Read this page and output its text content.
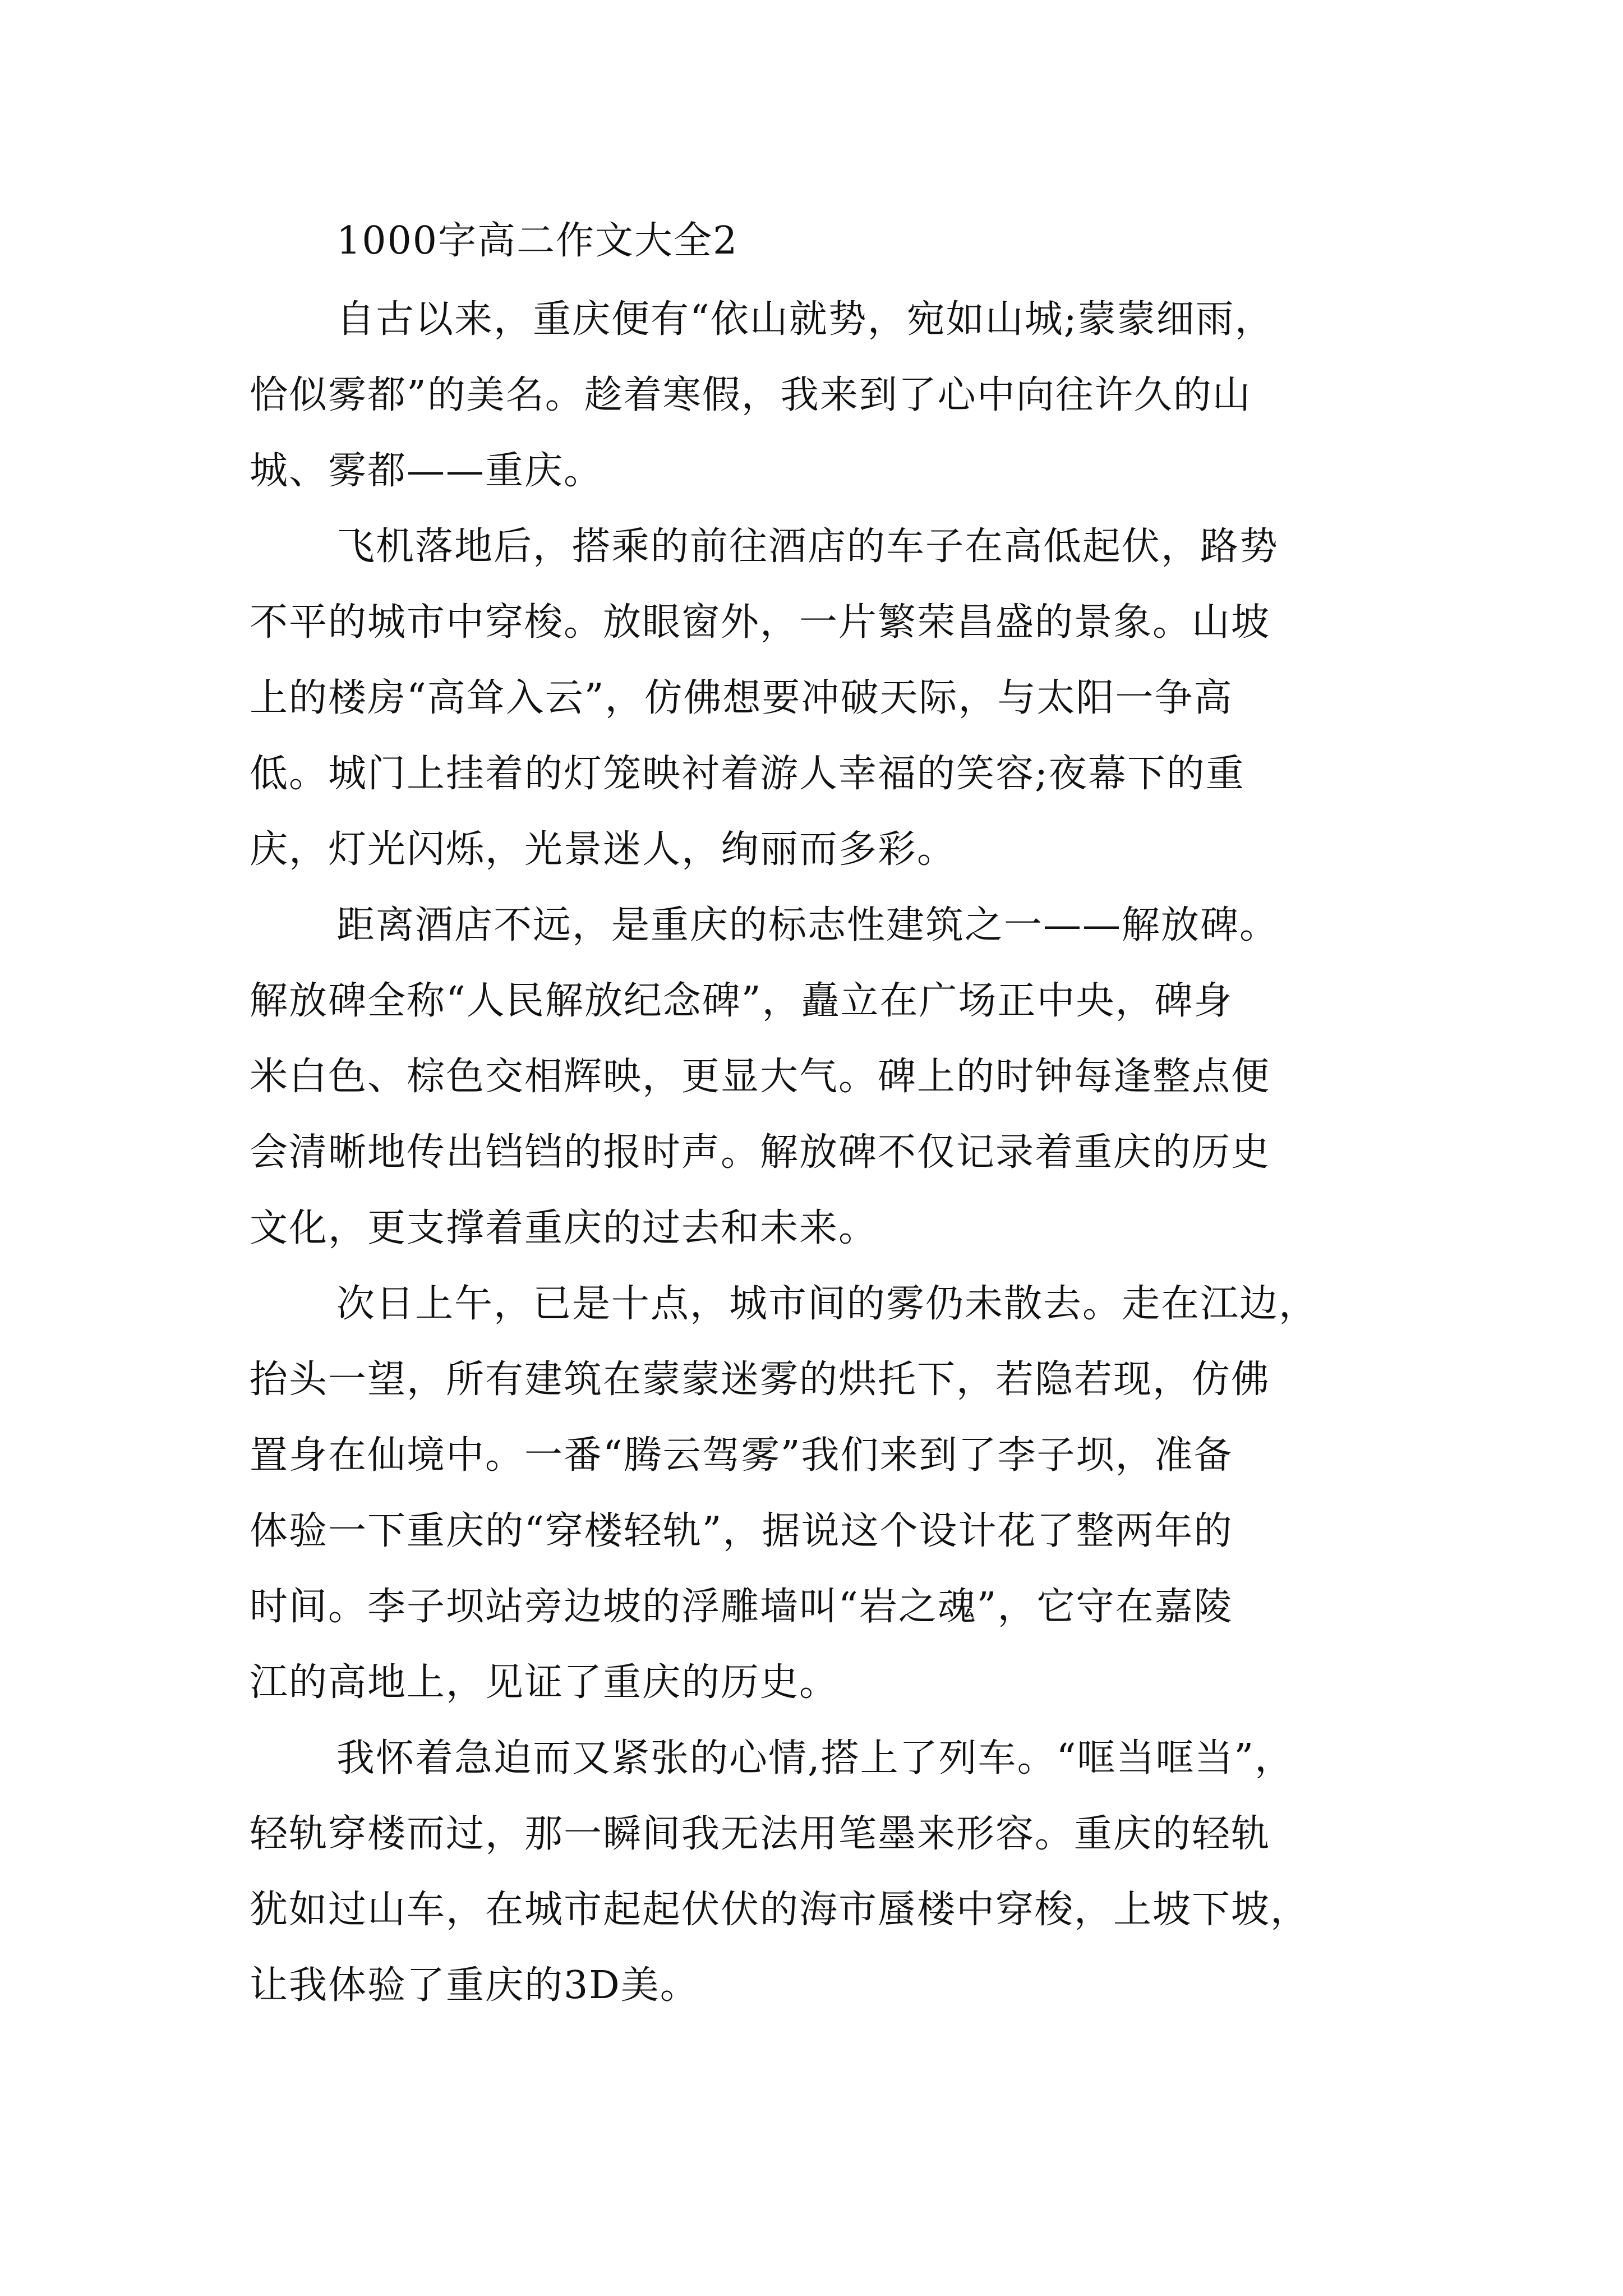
1000字高二作文大全2
自古以来，重庆便有“依山就势，宛如山城;蒙蒙细雨，
恰似雾都”的美名。趁着寒假，我来到了心中向往许久的山
城、雾都——重庆。
飞机落地后，搭乘的前往酒店的车子在高低起伏，路势
不平的城市中穿梭。放眼窗外，一片繁荣昌盛的景象。山坡
上的楼房“高耸入云”，仿佛想要冲破天际，与太阳一争高
低。城门上挂着的灯笼映衬着游人幸福的笑容;夜幕下的重
庆，灯光闪烁，光景迷人，绚丽而多彩。
距离酒店不远，是重庆的标志性建筑之一——解放碑。
解放碑全称“人民解放纪念碑”，矗立在广场正中央，碑身
米白色、棕色交相辉映，更显大气。碑上的时钟每逢整点便
会清晰地传出铛铛的报时声。解放碑不仅记录着重庆的历史
文化，更支撑着重庆的过去和未来。
次日上午，已是十点，城市间的雾仍未散去。走在江边，
抬头一望，所有建筑在蒙蒙迷雾的烘托下，若隐若现，仿佛
置身在仙境中。一番“腾云驾雾”我们来到了李子坝，准备
体验一下重庆的“穿楼轻轨”，据说这个设计花了整两年的
时间。李子坝站旁边坡的浮雕墙叫“岩之魂”，它守在嘉陵
江的高地上，见证了重庆的历史。
我怀着急迫而又紧张的心情,搭上了列车。“哐当哐当”，
轻轨穿楼而过，那一瞬间我无法用笔墨来形容。重庆的轻轨
犹如过山车，在城市起起伏伏的海市蜃楼中穿梭，上坡下坡，
让我体验了重庆的3D美。
